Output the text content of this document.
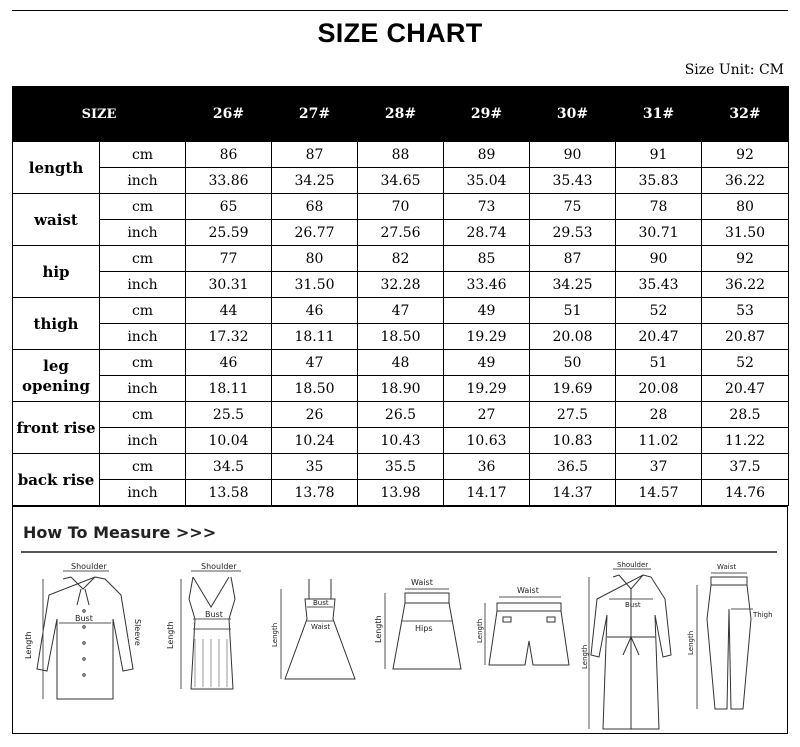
SIZE CHART
Size Unit: CM
SIZE		26#	27#	28#	29#	30#	31#	32#
length	cm	86	87	88	89	90	91	92
	inch	33.86	34.25	34.65	35.04	35.43	35.83	36.22
waist	cm	65	68	70	73	75	78	80
	inch	25.59	26.77	27.56	28.74	29.53	30.71	31.50
hip	cm	77	80	82	85	87	90	92
	inch	30.31	31.50	32.28	33.46	34.25	35.43	36.22
thigh	cm	44	46	47	49	51	52	53
	inch	17.32	18.11	18.50	19.29	20.08	20.47	20.87
leg opening	cm	46	47	48	49	50	51	52
	inch	18.11	18.50	18.90	19.29	19.69	20.08	20.47
front rise	cm	25.5	26	26.5	27	27.5	28	28.5
	inch	10.04	10.24	10.43	10.63	10.83	11.02	11.22
back rise	cm	34.5	35	35.5	36	36.5	37	37.5
	inch	13.58	13.78	13.98	14.17	14.37	14.57	14.76
How To Measure >>>
Shoulder
Bust
Length	Sleeve
Shoulder
Bust
Length
Bust
Waist
Length
Waist
Hips
Length
Waist
Length
Shoulder
Bust
Length
Waist
Thigh
Length
